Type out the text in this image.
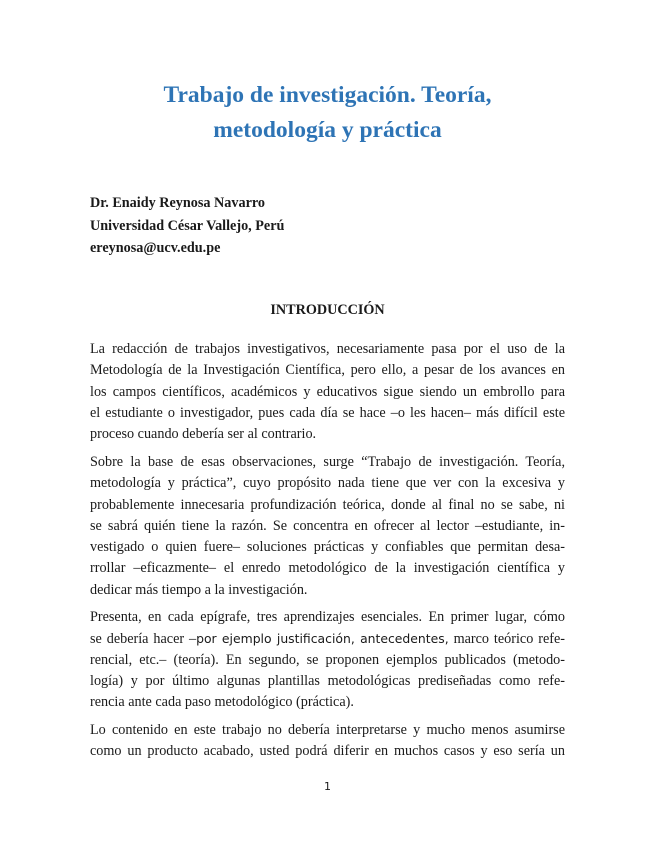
Trabajo de investigación. Teoría,
metodología y práctica
Dr. Enaidy Reynosa Navarro
Universidad César Vallejo, Perú
ereynosa@ucv.edu.pe
INTRODUCCIÓN

La redacción de trabajos investigativos, necesariamente pasa por el uso de la
Metodología de la Investigación Científica, pero ello, a pesar de los avances en
los campos científicos, académicos y educativos sigue siendo un embrollo para
el estudiante o investigador, pues cada día se hace –o les hacen– más difícil este
proceso cuando debería ser al contrario.

Sobre la base de esas observaciones, surge “Trabajo de investigación. Teoría,
metodología y práctica”, cuyo propósito nada tiene que ver con la excesiva y
probablemente innecesaria profundización teórica, donde al final no se sabe, ni
se sabrá quién tiene la razón. Se concentra en ofrecer al lector –estudiante, in-
vestigado o quien fuere– soluciones prácticas y confiables que permitan desa-
rrollar –eficazmente– el enredo metodológico de la investigación científica y
dedicar más tiempo a la investigación.

Presenta, en cada epígrafe, tres aprendizajes esenciales. En primer lugar, cómo
se debería hacer –por ejemplo justificación, antecedentes, marco teórico refe-
rencial, etc.– (teoría). En segundo, se proponen ejemplos publicados (metodo-
logía) y por último algunas plantillas metodológicas prediseñadas como refe-
rencia ante cada paso metodológico (práctica).

Lo contenido en este trabajo no debería interpretarse y mucho menos asumirse
como un producto acabado, usted podrá diferir en muchos casos y eso sería un

1
